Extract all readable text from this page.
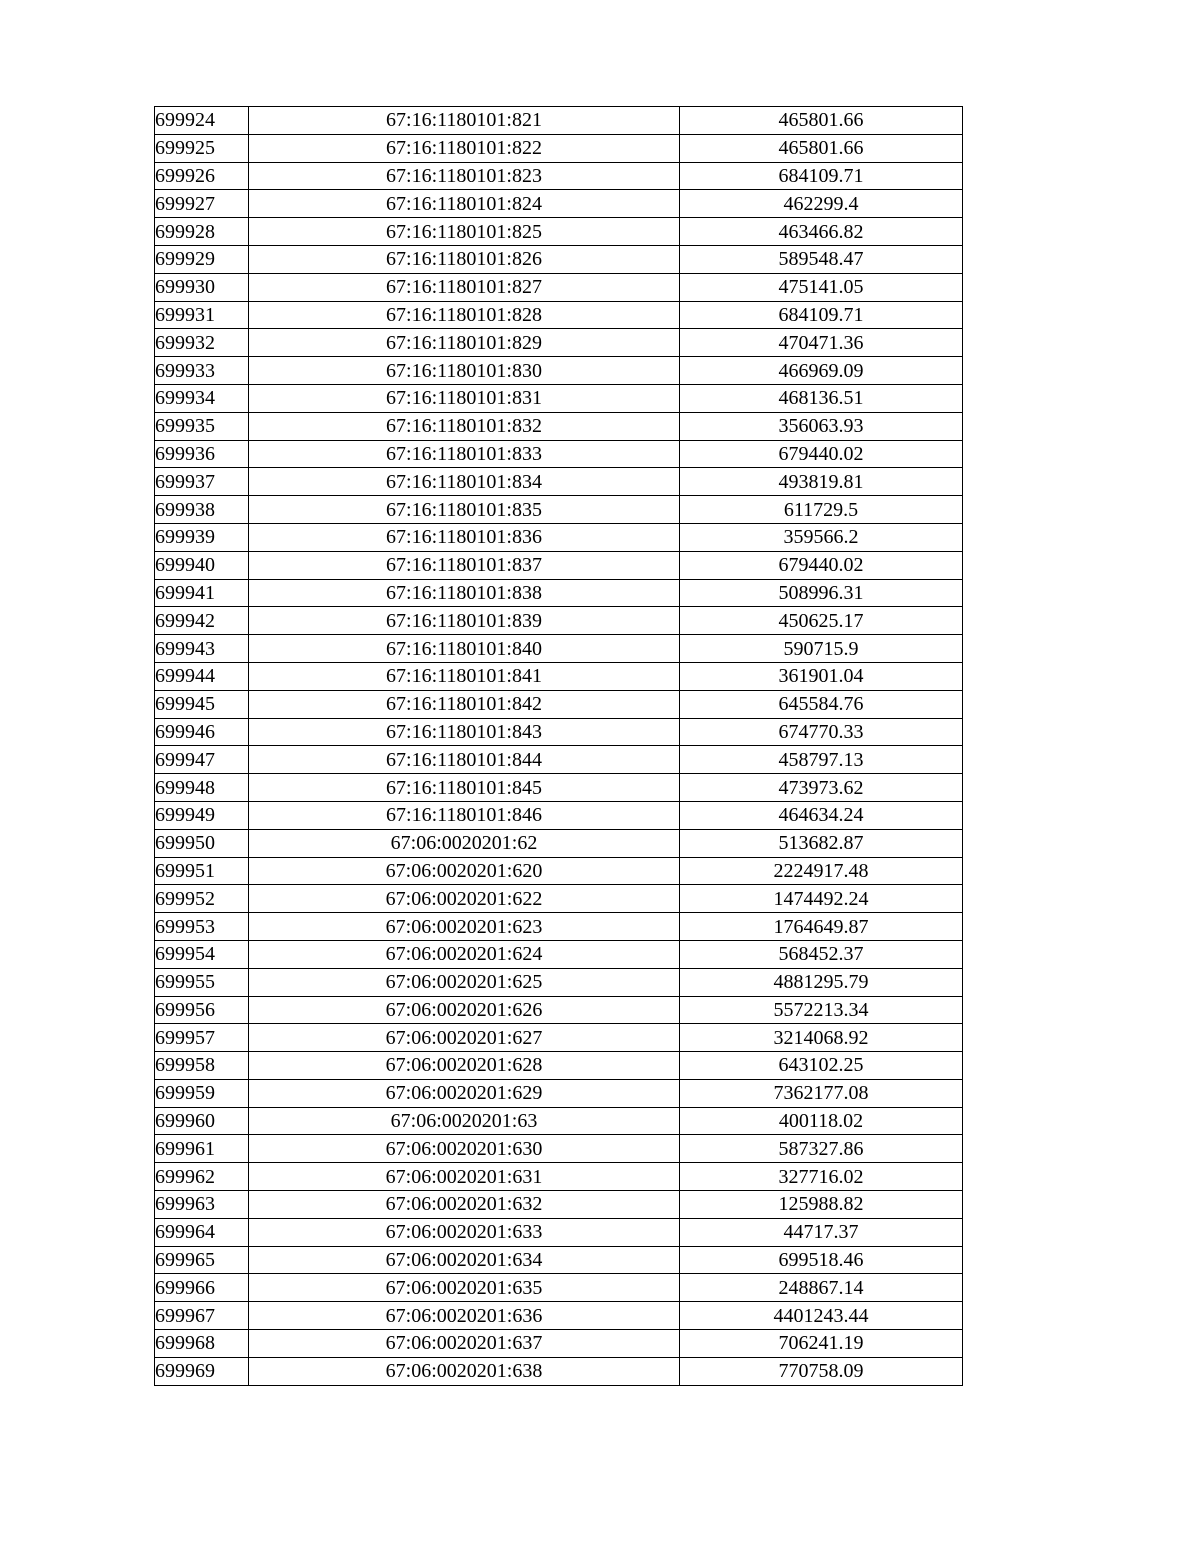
699924	67:16:1180101:821	465801.66
699925	67:16:1180101:822	465801.66
699926	67:16:1180101:823	684109.71
699927	67:16:1180101:824	462299.4
699928	67:16:1180101:825	463466.82
699929	67:16:1180101:826	589548.47
699930	67:16:1180101:827	475141.05
699931	67:16:1180101:828	684109.71
699932	67:16:1180101:829	470471.36
699933	67:16:1180101:830	466969.09
699934	67:16:1180101:831	468136.51
699935	67:16:1180101:832	356063.93
699936	67:16:1180101:833	679440.02
699937	67:16:1180101:834	493819.81
699938	67:16:1180101:835	611729.5
699939	67:16:1180101:836	359566.2
699940	67:16:1180101:837	679440.02
699941	67:16:1180101:838	508996.31
699942	67:16:1180101:839	450625.17
699943	67:16:1180101:840	590715.9
699944	67:16:1180101:841	361901.04
699945	67:16:1180101:842	645584.76
699946	67:16:1180101:843	674770.33
699947	67:16:1180101:844	458797.13
699948	67:16:1180101:845	473973.62
699949	67:16:1180101:846	464634.24
699950	67:06:0020201:62	513682.87
699951	67:06:0020201:620	2224917.48
699952	67:06:0020201:622	1474492.24
699953	67:06:0020201:623	1764649.87
699954	67:06:0020201:624	568452.37
699955	67:06:0020201:625	4881295.79
699956	67:06:0020201:626	5572213.34
699957	67:06:0020201:627	3214068.92
699958	67:06:0020201:628	643102.25
699959	67:06:0020201:629	7362177.08
699960	67:06:0020201:63	400118.02
699961	67:06:0020201:630	587327.86
699962	67:06:0020201:631	327716.02
699963	67:06:0020201:632	125988.82
699964	67:06:0020201:633	44717.37
699965	67:06:0020201:634	699518.46
699966	67:06:0020201:635	248867.14
699967	67:06:0020201:636	4401243.44
699968	67:06:0020201:637	706241.19
699969	67:06:0020201:638	770758.09
